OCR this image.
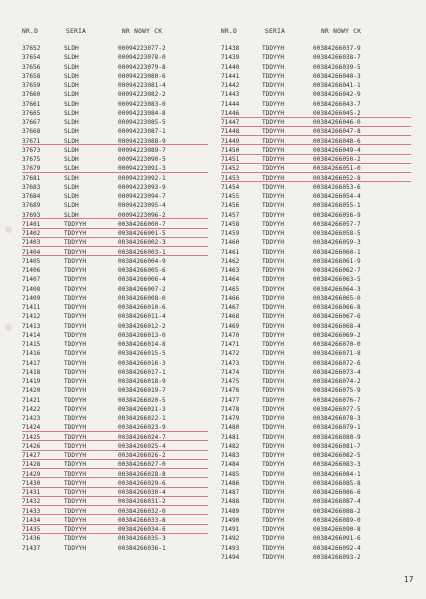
NR.D	SERIA	NR NOWY CK
37652	SLDH	00094223077-2
37654	SLDH	00094223078-0
37656	SLDH	00094223079-8
37658	SLDH	00094223080-6
37659	SLDH	00094223081-4
37660	SLDH	00094223082-2
37661	SLDH	00094223083-0
37665	SLDH	00094223084-8
37667	SLDH	00094223085-5
37668	SLDH	00094223087-1
37671	SLDH	00094223088-9
37673	SLDH	00094223089-7
37675	SLDH	00094223090-5
37679	SLDH	00094223091-3
37681	SLDH	00094223092-1
37683	SLDH	00094223093-9
37684	SLDH	00094223094-7
37689	SLDH	00094223095-4
37693	SLDH	00094223096-2
71401	TDDYYH	00384266000-7
71402	TDDYYH	00384266001-5
71403	TDDYYH	00384266002-3
71404	TDDYYH	00384266003-1
71405	TDDYYH	00384266004-9
71406	TDDYYH	00384266005-6
71407	TDDYYH	00384266006-4
71408	TDDYYH	00384266007-2
71409	TDDYYH	00384266008-0
71411	TDDYYH	00384266010-6
71412	TDDYYH	00384266011-4
71413	TDDYYH	00384266012-2
71414	TDDYYH	00384266013-0
71415	TDDYYH	00384266014-8
71416	TDDYYH	00384266015-5
71417	TDDYYH	00384266016-3
71418	TDDYYH	00384266017-1
71419	TDDYYH	00384266018-9
71420	TDDYYH	00384266019-7
71421	TDDYYH	00384266020-5
71422	TDDYYH	00384266021-3
71423	TDDYYH	00384266022-1
71424	TDDYYH	00384266023-9
71425	TDDYYH	00384266024-7
71426	TDDYYH	00384266025-4
71427	TDDYYH	00384266026-2
71428	TDDYYH	00384266027-0
71429	TDDYYH	00384266028-8
71430	TDDYYH	00384266029-6
71431	TDDYYH	00384266030-4
71432	TDDYYH	00384266031-2
71433	TDDYYH	00384266032-0
71434	TDDYYH	00384266033-8
71435	TDDYYH	00384266034-6
71436	TDDYYH	00384266035-3
71437	TDDYYH	00384266036-1
NR.D	SERIA	NR NOWY CK
71438	TDDYYH	00384266037-9
71439	TDDYYH	00384266038-7
71440	TDDYYH	00384266039-5
71441	TDDYYH	00384266040-3
71442	TDDYYH	00384266041-1
71443	TDDYYH	00384266042-9
71444	TDDYYH	00384266043-7
71446	TDDYYH	00384266045-2
71447	TDDYYH	00384266046-0
71448	TDDYYH	00384266047-8
71449	TDDYYH	00384266048-6
71450	TDDYYH	00384266049-4
71451	TDDYYH	00384266050-2
71452	TDDYYH	00384266051-0
71453	TDDYYH	00384266052-8
71454	TDDYYH	00384266053-6
71455	TDDYYH	00384266054-4
71456	TDDYYH	00384266055-1
71457	TDDYYH	00384266056-9
71458	TDDYYH	00384266057-7
71459	TDDYYH	00384266058-5
71460	TDDYYH	00384266059-3
71461	TDDYYH	00384266060-1
71462	TDDYYH	00384266061-9
71463	TDDYYH	00384266062-7
71464	TDDYYH	00384266063-5
71465	TDDYYH	00384266064-3
71466	TDDYYH	00384266065-0
71467	TDDYYH	00384266066-8
71468	TDDYYH	00384266067-6
71469	TDDYYH	00384266068-4
71470	TDDYYH	00384266069-2
71471	TDDYYH	00384266070-0
71472	TDDYYH	00384266071-8
71473	TDDYYH	00384266072-6
71474	TDDYYH	00384266073-4
71475	TDDYYH	00384266074-2
71476	TDDYYH	00384266075-9
71477	TDDYYH	00384266076-7
71478	TDDYYH	00384266077-5
71479	TDDYYH	00384266078-3
71480	TDDYYH	00384266079-1
71481	TDDYYH	00384266080-9
71482	TDDYYH	00384266081-7
71483	TDDYYH	00384266082-5
71484	TDDYYH	00384266083-3
71485	TDDYYH	00384266084-1
71486	TDDYYH	00384266085-8
71487	TDDYYH	00384266086-6
71488	TDDYYH	00384266087-4
71489	TDDYYH	00384266088-2
71490	TDDYYH	00384266089-0
71491	TDDYYH	00384266090-8
71492	TDDYYH	00384266091-6
71493	TDDYYH	00384266092-4
71494	TDDYYH	00384266093-2
17
